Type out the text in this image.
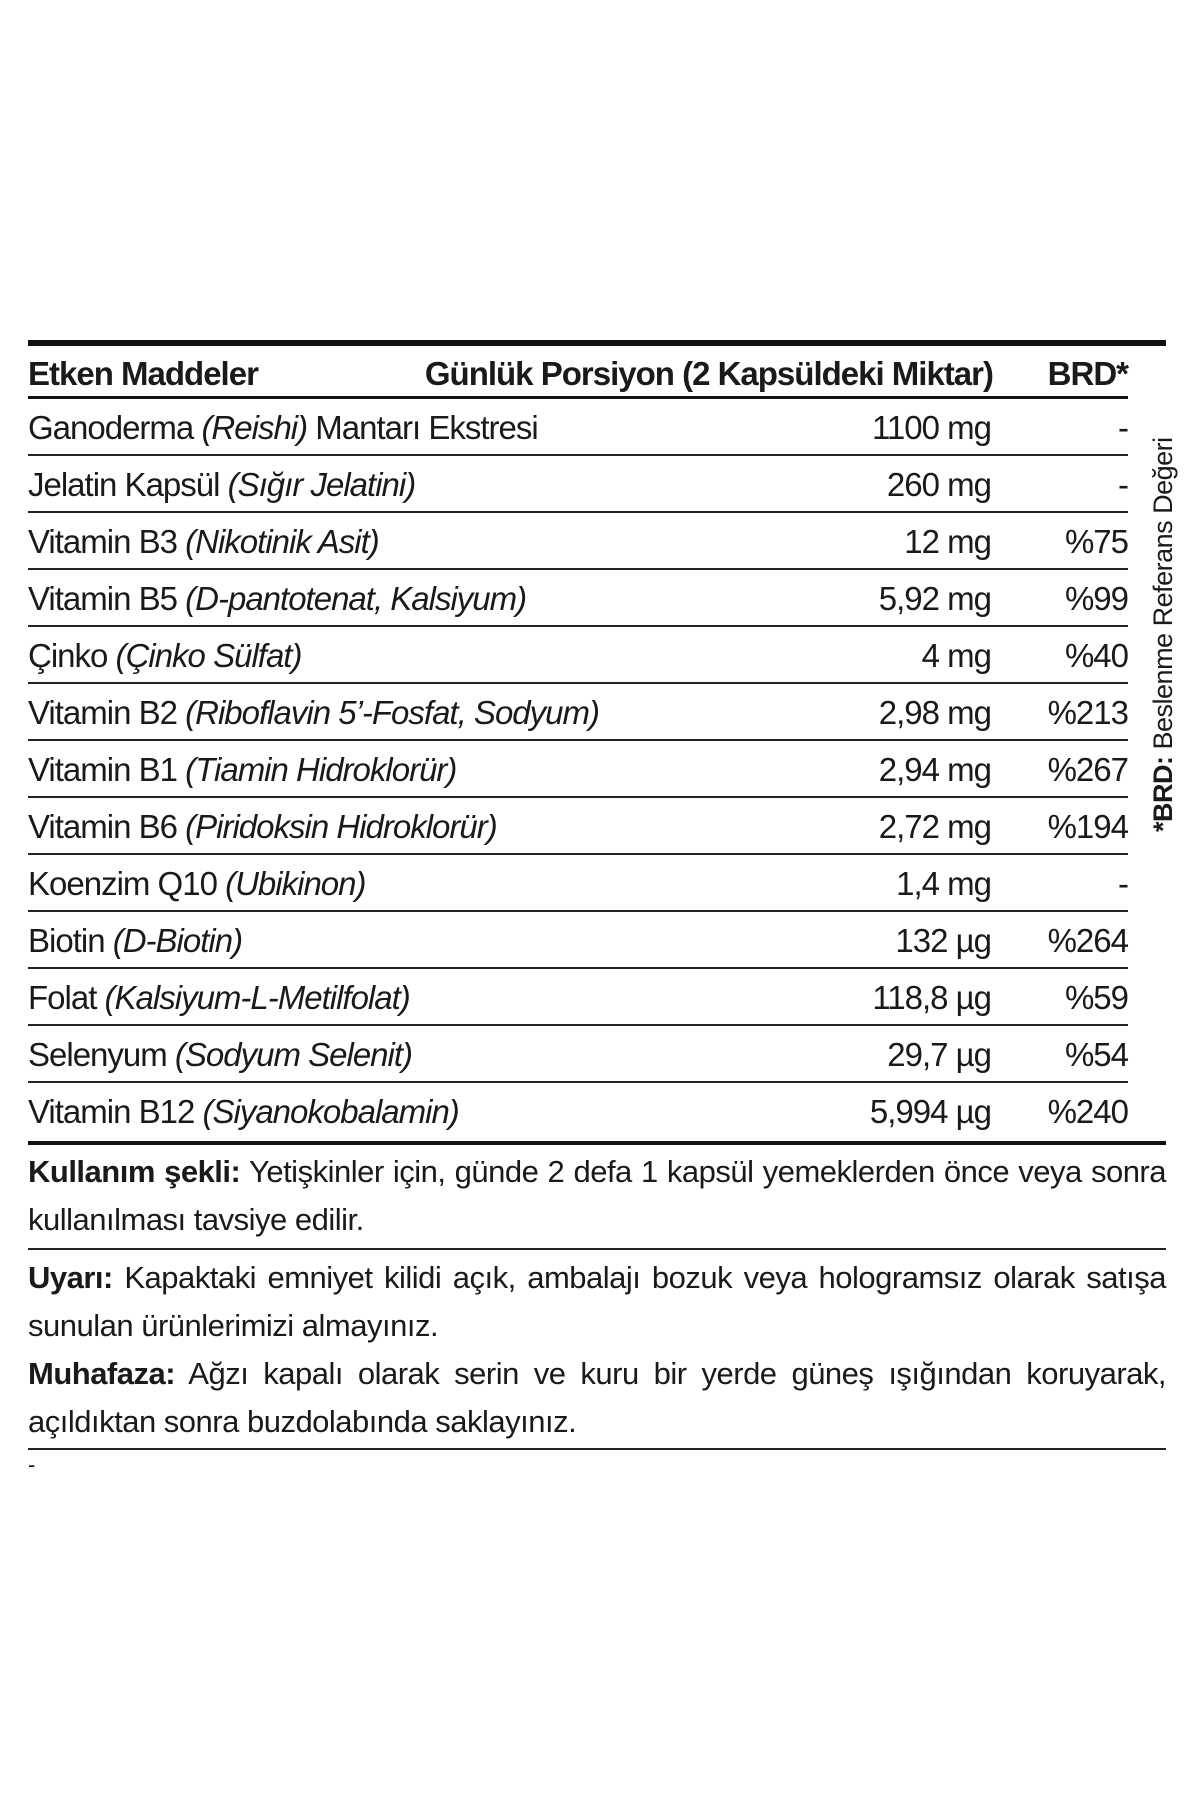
Etken Maddeler	Günlük Porsiyon (2 Kapsüldeki Miktar) BRD*
Ganoderma (Reishi) Mantarı Ekstresi	1100 mg	-
Jelatin Kapsül (Sığır Jelatini)	260 mg	-
Vitamin B3 (Nikotinik Asit)	12 mg %75
Vitamin B5 (D-pantotenat, Kalsiyum)	5,92 mg %99
Çinko (Çinko Sülfat)	4 mg %40
Vitamin B2 (Riboflavin 5’-Fosfat, Sodyum)	2,98 mg %213
Vitamin B1 (Tiamin Hidroklorür)	2,94 mg %267
Vitamin B6 (Piridoksin Hidroklorür)	2,72 mg %194
Koenzim Q10 (Ubikinon)	1,4 mg	-
Biotin (D-Biotin)	132 µg %264
Folat (Kalsiyum-L-Metilfolat)	118,8 µg %59
Selenyum (Sodyum Selenit)	29,7 µg %54
Vitamin B12 (Siyanokobalamin)	5,994 µg %240
*BRD: Beslenme Referans Değeri
Kullanım şekli: Yetişkinler için, günde 2 defa 1 kapsül yemeklerden önce veya sonra kullanılması tavsiye edilir.
Uyarı: Kapaktaki emniyet kilidi açık, ambalajı bozuk veya hologramsız olarak satışa sunulan ürünlerimizi almayınız.
Muhafaza: Ağzı kapalı olarak serin ve kuru bir yerde güneş ışığından koruyarak, açıldıktan sonra buzdolabında saklayınız.
-
